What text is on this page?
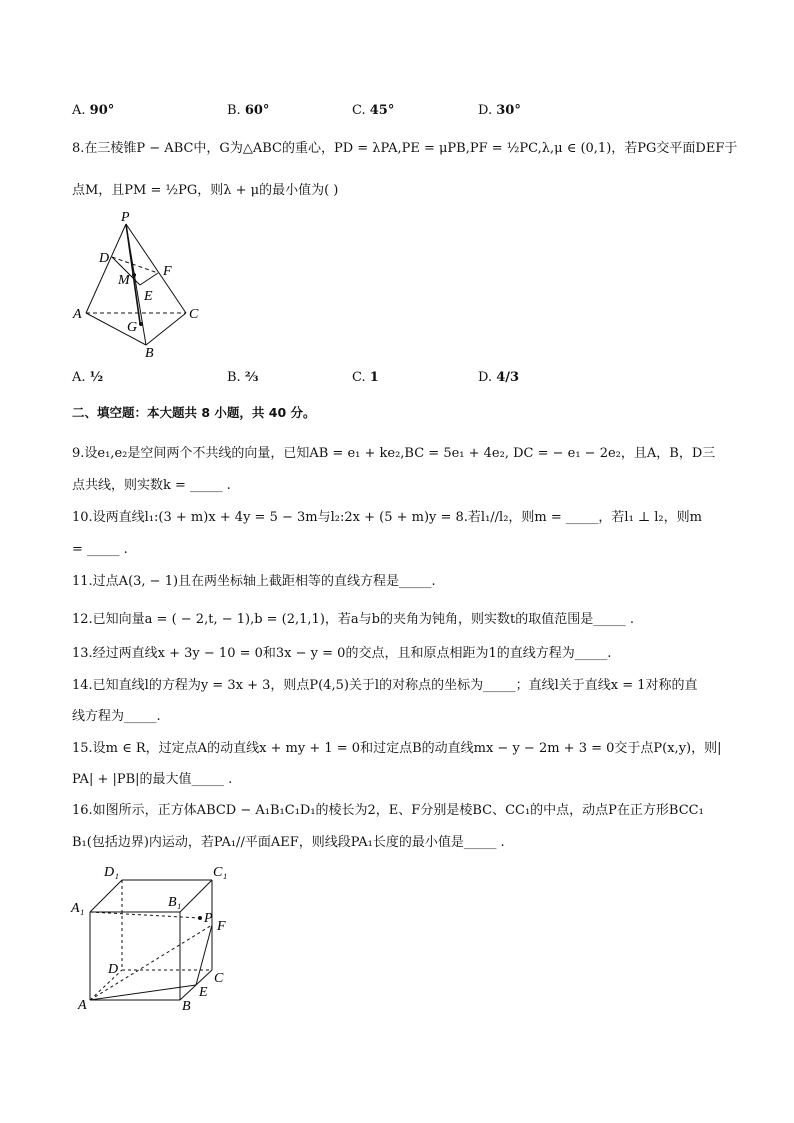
A. 90°	B. 60°	C. 45°	D. 30°
8.在三棱锥P − ABC中，G为△ABC的重心，PD = λPA,PE = μPB,PF = ½PC,λ,μ ∈ (0,1)，若PG交平面DEF于
点M，且PM = ½PG，则λ + μ的最小值为( )
P
D
M
F
E
A	C
G
B
A. ½	B. ⅔	C. 1	D. 4/3
二、填空题：本大题共 8 小题，共 40 分。
9.设e₁,e₂是空间两个不共线的向量，已知AB = e₁ + ke₂,BC = 5e₁ + 4e₂, DC = − e₁ − 2e₂，且A，B，D三
点共线，则实数k = _____ .
10.设两直线l₁:(3 + m)x + 4y = 5 − 3m与l₂:2x + (5 + m)y = 8.若l₁//l₂，则m = _____，若l₁ ⊥ l₂，则m
= _____ .
11.过点A(3, − 1)且在两坐标轴上截距相等的直线方程是_____.
12.已知向量a = ( − 2,t, − 1),b = (2,1,1)，若a与b的夹角为钝角，则实数t的取值范围是_____ .
13.经过两直线x + 3y − 10 = 0和3x − y = 0的交点，且和原点相距为1的直线方程为_____.
14.已知直线l的方程为y = 3x + 3，则点P(4,5)关于l的对称点的坐标为_____；直线l关于直线x = 1对称的直
线方程为_____.
15.设m ∈ R，过定点A的动直线x + my + 1 = 0和过定点B的动直线mx − y − 2m + 3 = 0交于点P(x,y)，则|
PA| + |PB|的最大值_____ .
16.如图所示，正方体ABCD − A₁B₁C₁D₁的棱长为2，E、F分别是棱BC、CC₁的中点，动点P在正方形BCC₁
B₁(包括边界)内运动，若PA₁//平面AEF，则线段PA₁长度的最小值是_____ .
D₁	C₁
A₁	B₁
P
F
D
C
E
A	B
